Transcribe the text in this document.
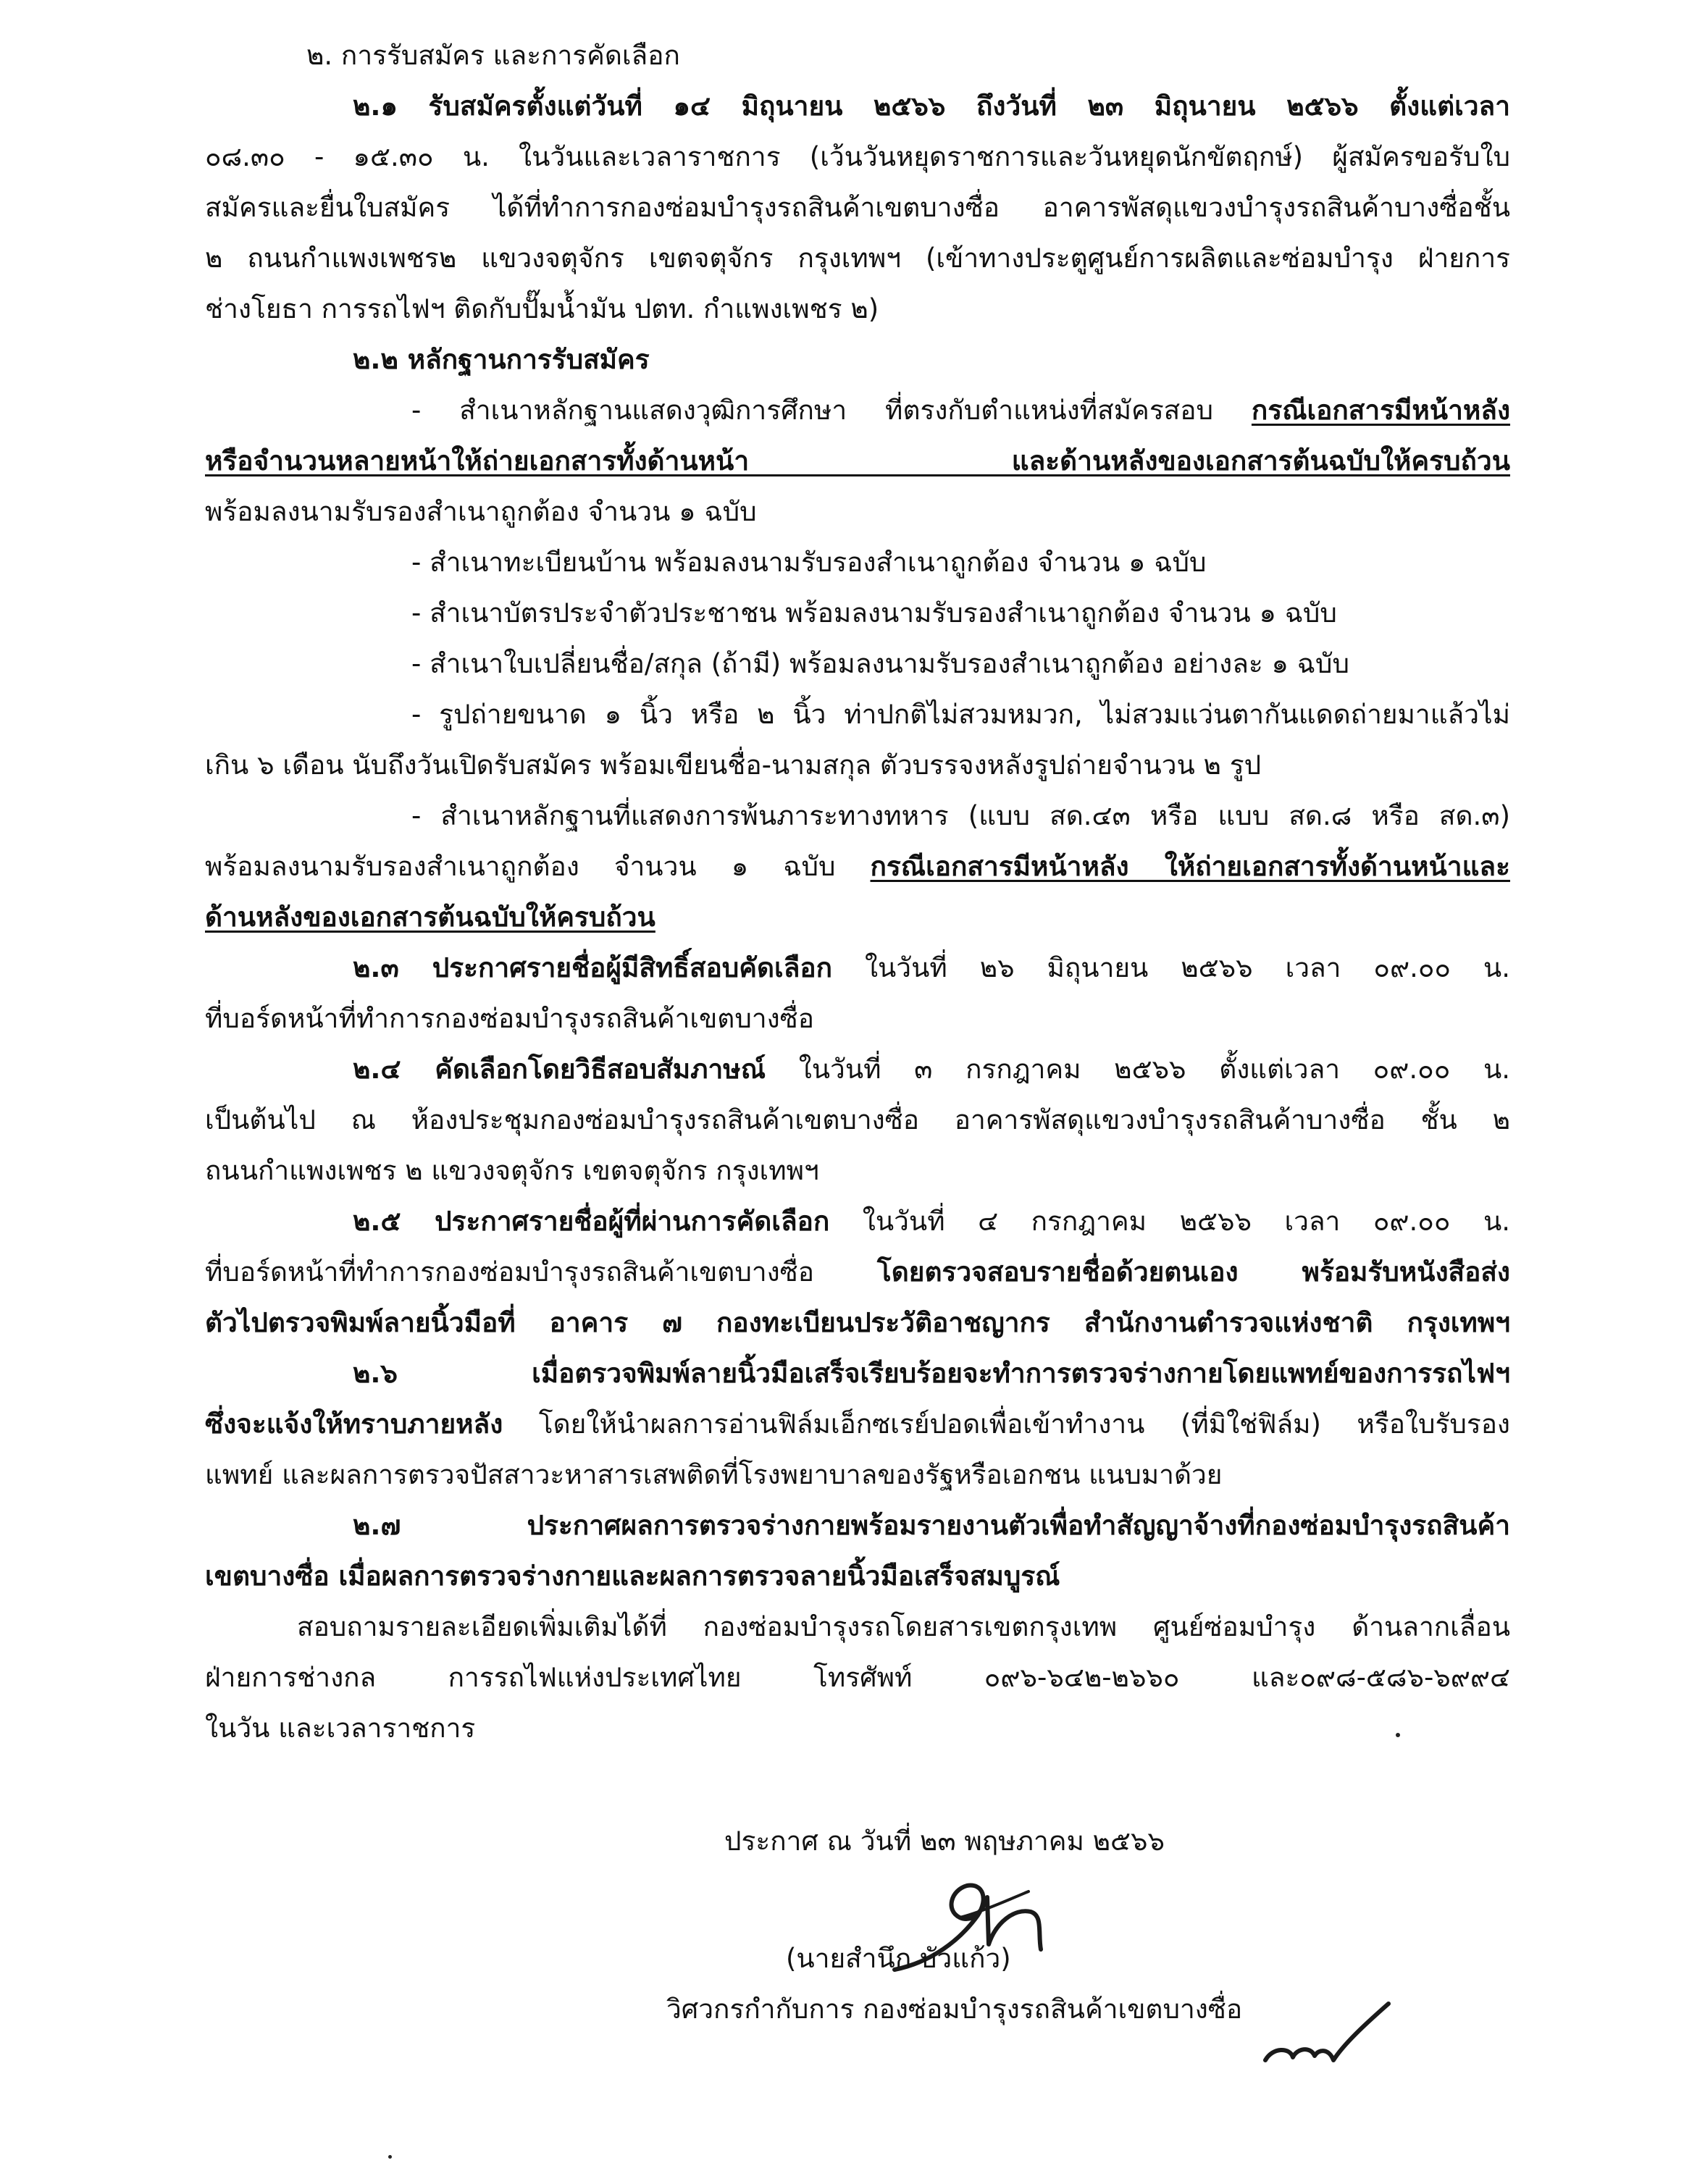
๒. การรับสมัคร และการคัดเลือก

๒.๑ รับสมัครตั้งแต่วันที่ ๑๔ มิถุนายน ๒๕๖๖ ถึงวันที่ ๒๓ มิถุนายน ๒๕๖๖ ตั้งแต่เวลา

๐๘.๓๐ - ๑๕.๓๐ น. ในวันและเวลาราชการ (เว้นวันหยุดราชการและวันหยุดนักขัตฤกษ์) ผู้สมัครขอรับใบ

สมัครและยื่นใบสมัคร ได้ที่ทำการกองซ่อมบำรุงรถสินค้าเขตบางซื่อ อาคารพัสดุแขวงบำรุงรถสินค้าบางซื่อชั้น

๒ ถนนกำแพงเพชร๒ แขวงจตุจักร เขตจตุจักร กรุงเทพฯ (เข้าทางประตูศูนย์การผลิตและซ่อมบำรุง ฝ่ายการ

ช่างโยธา การรถไฟฯ ติดกับปั๊มน้ำมัน ปตท. กำแพงเพชร ๒)

๒.๒ หลักฐานการรับสมัคร

- สำเนาหลักฐานแสดงวุฒิการศึกษา ที่ตรงกับตำแหน่งที่สมัครสอบ กรณีเอกสารมีหน้าหลัง

หรือจำนวนหลายหน้าให้ถ่ายเอกสารทั้งด้านหน้า และด้านหลังของเอกสารต้นฉบับให้ครบถ้วน

พร้อมลงนามรับรองสำเนาถูกต้อง จำนวน ๑ ฉบับ

- สำเนาทะเบียนบ้าน พร้อมลงนามรับรองสำเนาถูกต้อง จำนวน ๑ ฉบับ

- สำเนาบัตรประจำตัวประชาชน พร้อมลงนามรับรองสำเนาถูกต้อง จำนวน ๑ ฉบับ

- สำเนาใบเปลี่ยนชื่อ/สกุล (ถ้ามี) พร้อมลงนามรับรองสำเนาถูกต้อง อย่างละ ๑ ฉบับ

- รูปถ่ายขนาด ๑ นิ้ว หรือ ๒ นิ้ว ท่าปกติไม่สวมหมวก, ไม่สวมแว่นตากันแดดถ่ายมาแล้วไม่

เกิน ๖ เดือน นับถึงวันเปิดรับสมัคร พร้อมเขียนชื่อ-นามสกุล ตัวบรรจงหลังรูปถ่ายจำนวน ๒ รูป

- สำเนาหลักฐานที่แสดงการพ้นภาระทางทหาร (แบบ สด.๔๓ หรือ แบบ สด.๘ หรือ สด.๓)

พร้อมลงนามรับรองสำเนาถูกต้อง จำนวน ๑ ฉบับ กรณีเอกสารมีหน้าหลัง ให้ถ่ายเอกสารทั้งด้านหน้าและ

ด้านหลังของเอกสารต้นฉบับให้ครบถ้วน

๒.๓ ประกาศรายชื่อผู้มีสิทธิ์สอบคัดเลือก ในวันที่ ๒๖ มิถุนายน ๒๕๖๖ เวลา ๐๙.๐๐ น.

ที่บอร์ดหน้าที่ทำการกองซ่อมบำรุงรถสินค้าเขตบางซื่อ

๒.๔ คัดเลือกโดยวิธีสอบสัมภาษณ์ ในวันที่ ๓ กรกฎาคม ๒๕๖๖ ตั้งแต่เวลา ๐๙.๐๐ น.

เป็นต้นไป ณ ห้องประชุมกองซ่อมบำรุงรถสินค้าเขตบางซื่อ อาคารพัสดุแขวงบำรุงรถสินค้าบางซื่อ ชั้น ๒

ถนนกำแพงเพชร ๒ แขวงจตุจักร เขตจตุจักร กรุงเทพฯ

๒.๕ ประกาศรายชื่อผู้ที่ผ่านการคัดเลือก ในวันที่ ๔ กรกฎาคม ๒๕๖๖ เวลา ๐๙.๐๐ น.

ที่บอร์ดหน้าที่ทำการกองซ่อมบำรุงรถสินค้าเขตบางซื่อ โดยตรวจสอบรายชื่อด้วยตนเอง พร้อมรับหนังสือส่ง

ตัวไปตรวจพิมพ์ลายนิ้วมือที่ อาคาร ๗ กองทะเบียนประวัติอาชญากร สำนักงานตำรวจแห่งชาติ กรุงเทพฯ

๒.๖ เมื่อตรวจพิมพ์ลายนิ้วมือเสร็จเรียบร้อยจะทำการตรวจร่างกายโดยแพทย์ของการรถไฟฯ

ซึ่งจะแจ้งให้ทราบภายหลัง โดยให้นำผลการอ่านฟิล์มเอ็กซเรย์ปอดเพื่อเข้าทำงาน (ที่มิใช่ฟิล์ม) หรือใบรับรอง

แพทย์ และผลการตรวจปัสสาวะหาสารเสพติดที่โรงพยาบาลของรัฐหรือเอกชน แนบมาด้วย

๒.๗ ประกาศผลการตรวจร่างกายพร้อมรายงานตัวเพื่อทำสัญญาจ้างที่กองซ่อมบำรุงรถสินค้า

เขตบางซื่อ เมื่อผลการตรวจร่างกายและผลการตรวจลายนิ้วมือเสร็จสมบูรณ์

สอบถามรายละเอียดเพิ่มเติมได้ที่ กองซ่อมบำรุงรถโดยสารเขตกรุงเทพ ศูนย์ซ่อมบำรุง ด้านลากเลื่อน

ฝ่ายการช่างกล การรถไฟแห่งประเทศไทย โทรศัพท์ ๐๙๖-๖๔๒-๒๖๖๐ และ๐๙๘-๕๘๖-๖๙๙๔

ในวัน และเวลาราชการ

ประกาศ ณ วันที่ ๒๓ พฤษภาคม ๒๕๖๖

(นายสำนึก บัวแก้ว)

วิศวกรกำกับการ กองซ่อมบำรุงรถสินค้าเขตบางซื่อ
